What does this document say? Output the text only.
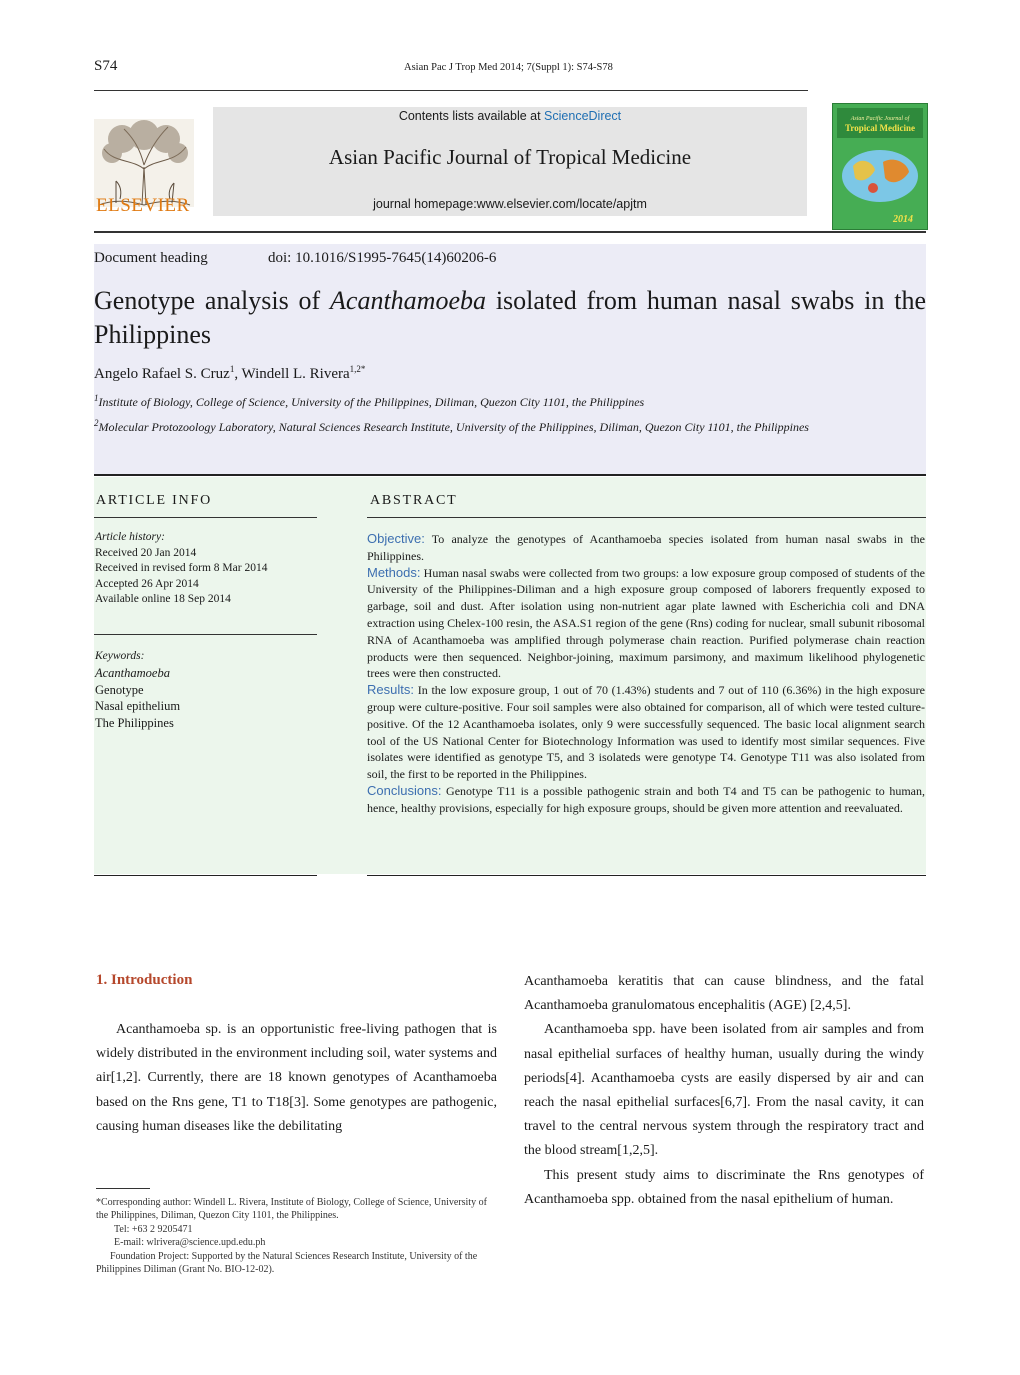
S74	Asian Pac J Trop Med 2014; 7(Suppl 1): S74-S78
ELSEVIER
Contents lists available at ScienceDirect
Asian Pacific Journal of Tropical Medicine
journal homepage:www.elsevier.com/locate/apjtm
Asian Pacific Journal of
Tropical Medicine
2014
Document heading	doi: 10.1016/S1995-7645(14)60206-6
Genotype analysis of Acanthamoeba isolated from human nasal swabs in the Philippines
Angelo Rafael S. Cruz$^1$, Windell L. Rivera$^{1,2*}$
$^1$Institute of Biology, College of Science, University of the Philippines, Diliman, Quezon City 1101, the Philippines
$^2$Molecular Protozoology Laboratory, Natural Sciences Research Institute, University of the Philippines, Diliman, Quezon City 1101, the Philippines
ARTICLE INFO	ABSTRACT
Article history:
Received 20 Jan 2014
Received in revised form 8 Mar 2014
Accepted 26 Apr 2014
Available online 18 Sep 2014
Keywords:
Acanthamoeba
Genotype
Nasal epithelium
The Philippines
Objective: To analyze the genotypes of Acanthamoeba species isolated from human nasal swabs in the Philippines.
Methods: Human nasal swabs were collected from two groups: a low exposure group composed of students of the University of the Philippines-Diliman and a high exposure group composed of laborers frequently exposed to garbage, soil and dust. After isolation using non-nutrient agar plate lawned with Escherichia coli and DNA extraction using Chelex-100 resin, the ASA.S1 region of the gene (Rns) coding for nuclear, small subunit ribosomal RNA of Acanthamoeba was amplified through polymerase chain reaction. Purified polymerase chain reaction products were then sequenced. Neighbor-joining, maximum parsimony, and maximum likelihood phylogenetic trees were then constructed.
Results: In the low exposure group, 1 out of 70 (1.43%) students and 7 out of 110 (6.36%) in the high exposure group were culture-positive. Four soil samples were also obtained for comparison, all of which were tested culture-positive. Of the 12 Acanthamoeba isolates, only 9 were successfully sequenced. The basic local alignment search tool of the US National Center for Biotechnology Information was used to identify most similar sequences. Five isolates were identified as genotype T5, and 3 isolateds were genotype T4. Genotype T11 was also isolated from soil, the first to be reported in the Philippines.
Conclusions: Genotype T11 is a possible pathogenic strain and both T4 and T5 can be pathogenic to human, hence, healthy provisions, especially for high exposure groups, should be given more attention and reevaluated.
1. Introduction

Acanthamoeba sp. is an opportunistic free-living pathogen that is widely distributed in the environment including soil, water systems and air[1,2]. Currently, there are 18 known genotypes of Acanthamoeba based on the Rns gene, T1 to T18[3]. Some genotypes are pathogenic, causing human diseases like the debilitating

*Corresponding author: Windell L. Rivera, Institute of Biology, College of Science, University of the Philippines, Diliman, Quezon City 1101, the Philippines.

Tel: +63 2 9205471

E-mail: wlrivera@science.upd.edu.ph

Foundation Project: Supported by the Natural Sciences Research Institute, University of the Philippines Diliman (Grant No. BIO-12-02).

Acanthamoeba keratitis that can cause blindness, and the fatal Acanthamoeba granulomatous encephalitis (AGE) [2,4,5].

Acanthamoeba spp. have been isolated from air samples and from nasal epithelial surfaces of healthy human, usually during the windy periods[4]. Acanthamoeba cysts are easily dispersed by air and can reach the nasal epithelial surfaces[6,7]. From the nasal cavity, it can travel to the central nervous system through the respiratory tract and the blood stream[1,2,5].

This present study aims to discriminate the Rns genotypes of Acanthamoeba spp. obtained from the nasal epithelium of human.
